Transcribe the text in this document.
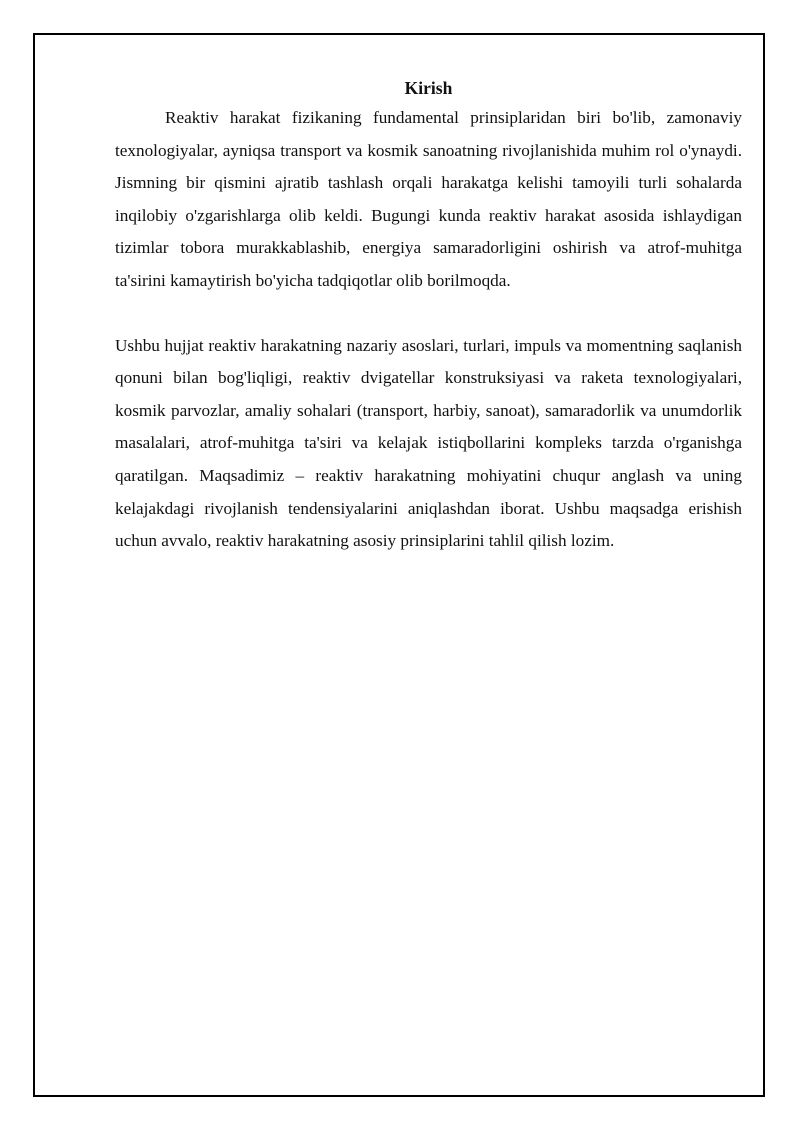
Kirish

Reaktiv harakat fizikaning fundamental prinsiplaridan biri bo'lib, zamonaviy texnologiyalar, ayniqsa transport va kosmik sanoatning rivojlanishida muhim rol o'ynaydi. Jismning bir qismini ajratib tashlash orqali harakatga kelishi tamoyili turli sohalarda inqilobiy o'zgarishlarga olib keldi. Bugungi kunda reaktiv harakat asosida ishlaydigan tizimlar tobora murakkablashib, energiya samaradorligini oshirish va atrof-muhitga ta'sirini kamaytirish bo'yicha tadqiqotlar olib borilmoqda.

Ushbu hujjat reaktiv harakatning nazariy asoslari, turlari, impuls va momentning saqlanish qonuni bilan bog'liqligi, reaktiv dvigatellar konstruksiyasi va raketa texnologiyalari, kosmik parvozlar, amaliy sohalari (transport, harbiy, sanoat), samaradorlik va unumdorlik masalalari, atrof-muhitga ta'siri va kelajak istiqbollarini kompleks tarzda o'rganishga qaratilgan. Maqsadimiz – reaktiv harakatning mohiyatini chuqur anglash va uning kelajakdagi rivojlanish tendensiyalarini aniqlashdan iborat. Ushbu maqsadga erishish uchun avvalo, reaktiv harakatning asosiy prinsiplarini tahlil qilish lozim.
